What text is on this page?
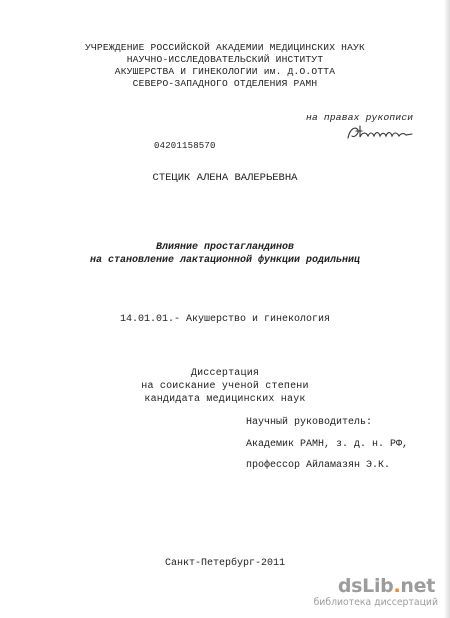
УЧРЕЖДЕНИЕ РОССИЙСКОЙ АКАДЕМИИ МЕДИЦИНСКИХ НАУК
НАУЧНО-ИССЛЕДОВАТЕЛЬСКИЙ ИНСТИТУТ
АКУШЕРСТВА И ГИНЕКОЛОГИИ им. Д.О.ОТТА
СЕВЕРО-ЗАПАДНОГО ОТДЕЛЕНИЯ РАМН
на правах рукописи
04201158570
СТЕЦИК АЛЕНА ВАЛЕРЬЕВНА
Влияние простагландинов
на становление лактационной функции родильниц
14.01.01.- Акушерство и гинекология
Диссертация
на соискание ученой степени
кандидата медицинских наук
Научный руководитель:
Академик РАМН, з. д. н. РФ,
профессор Айламазян Э.К.
Санкт-Петербург-2011
dsLib.net
библиотека диссертаций
